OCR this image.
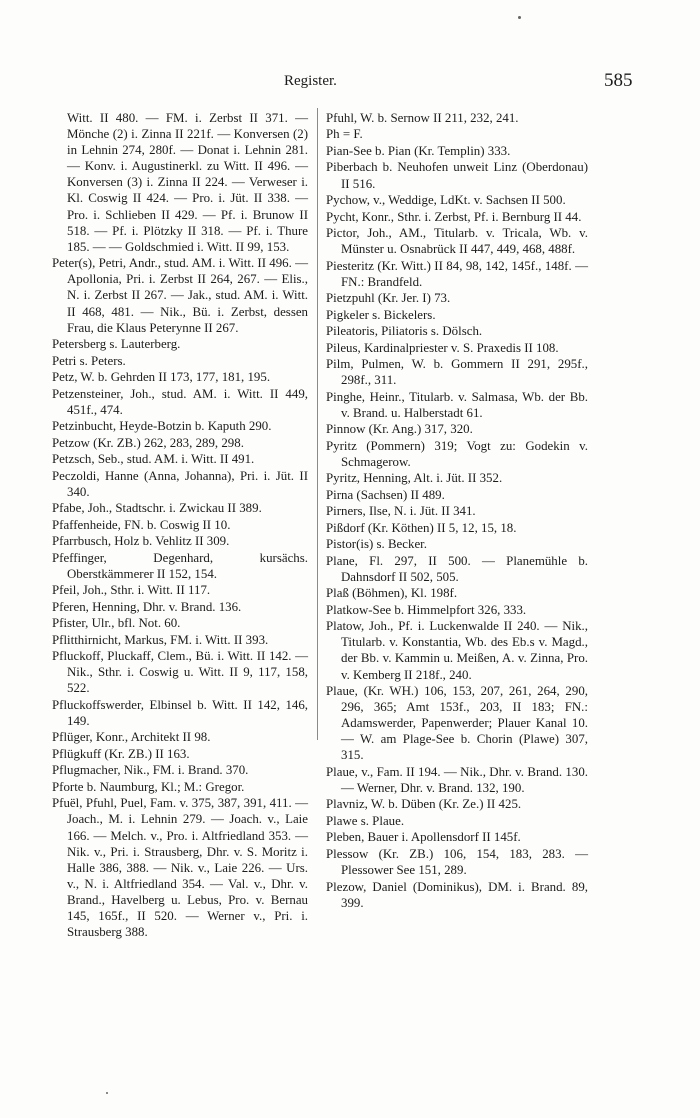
Register.	585

Witt. II 480. — FM. i. Zerbst II 371. — Mönche (2) i. Zinna II 221f. — Konversen (2) in Lehnin 274, 280f. — Donat i. Lehnin 281. — Konv. i. Augustinerkl. zu Witt. II 496. — Konversen (3) i. Zinna II 224. — Verweser i. Kl. Coswig II 424. — Pro. i. Jüt. II 338. — Pro. i. Schlieben II 429. — Pf. i. Brunow II 518. — Pf. i. Plötzky II 318. — Pf. i. Thure 185. — — Goldschmied i. Witt. II 99, 153.

Peter(s), Petri, Andr., stud. AM. i. Witt. II 496. — Apollonia, Pri. i. Zerbst II 264, 267. — Elis., N. i. Zerbst II 267. — Jak., stud. AM. i. Witt. II 468, 481. — Nik., Bü. i. Zerbst, dessen Frau, die Klaus Peterynne II 267.

Petersberg s. Lauterberg.

Petri s. Peters.

Petz, W. b. Gehrden II 173, 177, 181, 195.

Petzensteiner, Joh., stud. AM. i. Witt. II 449, 451f., 474.

Petzinbucht, Heyde-Botzin b. Kaputh 290.

Petzow (Kr. ZB.) 262, 283, 289, 298.

Petzsch, Seb., stud. AM. i. Witt. II 491.

Peczoldi, Hanne (Anna, Johanna), Pri. i. Jüt. II 340.

Pfabe, Joh., Stadtschr. i. Zwickau II 389.

Pfaffenheide, FN. b. Coswig II 10.

Pfarrbusch, Holz b. Vehlitz II 309.

Pfeffinger, Degenhard, kursächs. Oberstkämmerer II 152, 154.

Pfeil, Joh., Sthr. i. Witt. II 117.

Pferen, Henning, Dhr. v. Brand. 136.

Pfister, Ulr., bfl. Not. 60.

Pflitthirnicht, Markus, FM. i. Witt. II 393.

Pfluckoff, Pluckaff, Clem., Bü. i. Witt. II 142. — Nik., Sthr. i. Coswig u. Witt. II 9, 117, 158, 522.

Pfluckoffswerder, Elbinsel b. Witt. II 142, 146, 149.

Pflüger, Konr., Architekt II 98.

Pflügkuff (Kr. ZB.) II 163.

Pflugmacher, Nik., FM. i. Brand. 370.

Pforte b. Naumburg, Kl.; M.: Gregor.

Pfuël, Pfuhl, Puel, Fam. v. 375, 387, 391, 411. — Joach., M. i. Lehnin 279. — Joach. v., Laie 166. — Melch. v., Pro. i. Altfriedland 353. — Nik. v., Pri. i. Strausberg, Dhr. v. S. Moritz i. Halle 386, 388. — Nik. v., Laie 226. — Urs. v., N. i. Altfriedland 354. — Val. v., Dhr. v. Brand., Havelberg u. Lebus, Pro. v. Bernau 145, 165f., II 520. — Werner v., Pri. i. Strausberg 388.

Pfuhl, W. b. Sernow II 211, 232, 241.

Ph = F.

Pian-See b. Pian (Kr. Templin) 333.

Piberbach b. Neuhofen unweit Linz (Oberdonau) II 516.

Pychow, v., Weddige, LdKt. v. Sachsen II 500.

Pycht, Konr., Sthr. i. Zerbst, Pf. i. Bernburg II 44.

Pictor, Joh., AM., Titularb. v. Tricala, Wb. v. Münster u. Osnabrück II 447, 449, 468, 488f.

Piesteritz (Kr. Witt.) II 84, 98, 142, 145f., 148f. — FN.: Brandfeld.

Pietzpuhl (Kr. Jer. I) 73.

Pigkeler s. Bickelers.

Pileatoris, Piliatoris s. Dölsch.

Pileus, Kardinalpriester v. S. Praxedis II 108.

Pilm, Pulmen, W. b. Gommern II 291, 295f., 298f., 311.

Pinghe, Heinr., Titularb. v. Salmasa, Wb. der Bb. v. Brand. u. Halberstadt 61.

Pinnow (Kr. Ang.) 317, 320.

Pyritz (Pommern) 319; Vogt zu: Godekin v. Schmagerow.

Pyritz, Henning, Alt. i. Jüt. II 352.

Pirna (Sachsen) II 489.

Pirners, Ilse, N. i. Jüt. II 341.

Pißdorf (Kr. Köthen) II 5, 12, 15, 18.

Pistor(is) s. Becker.

Plane, Fl. 297, II 500. — Planemühle b. Dahnsdorf II 502, 505.

Plaß (Böhmen), Kl. 198f.

Platkow-See b. Himmelpfort 326, 333.

Platow, Joh., Pf. i. Luckenwalde II 240. — Nik., Titularb. v. Konstantia, Wb. des Eb.s v. Magd., der Bb. v. Kammin u. Meißen, A. v. Zinna, Pro. v. Kemberg II 218f., 240.

Plaue, (Kr. WH.) 106, 153, 207, 261, 264, 290, 296, 365; Amt 153f., 203, II 183; FN.: Adamswerder, Papenwerder; Plauer Kanal 10. — W. am Plage-See b. Chorin (Plawe) 307, 315.

Plaue, v., Fam. II 194. — Nik., Dhr. v. Brand. 130. — Werner, Dhr. v. Brand. 132, 190.

Plavniz, W. b. Düben (Kr. Ze.) II 425.

Plawe s. Plaue.

Pleben, Bauer i. Apollensdorf II 145f.

Plessow (Kr. ZB.) 106, 154, 183, 283. — Plessower See 151, 289.

Plezow, Daniel (Dominikus), DM. i. Brand. 89, 399.
